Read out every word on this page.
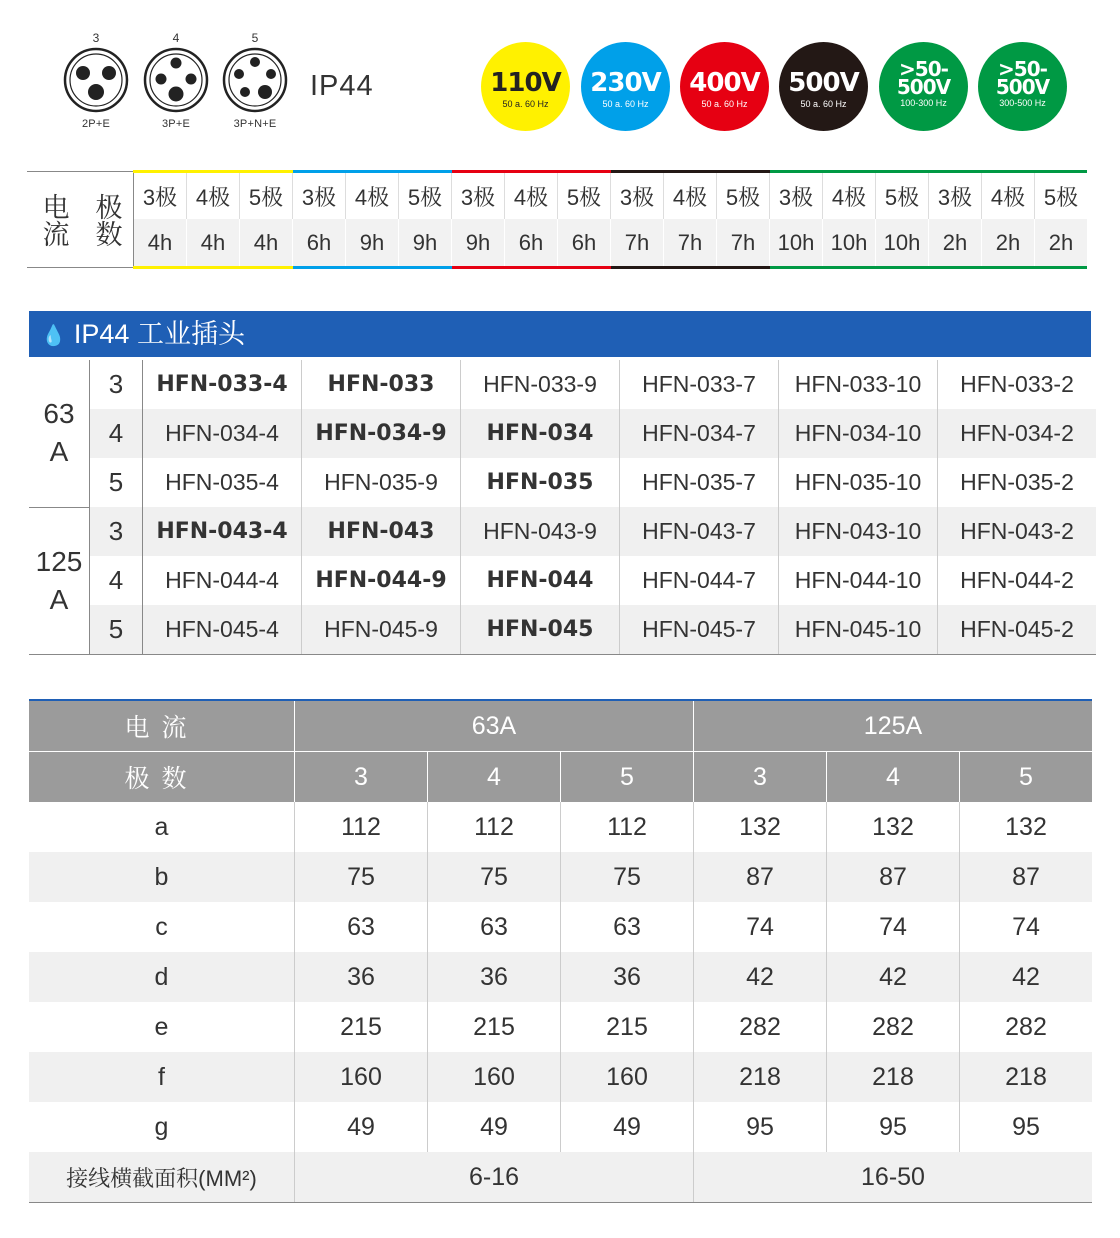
3
2P+E
4
3P+E
5
3P+N+E
IP44	110V
50 a. 60 Hz
230V
50 a. 60 Hz
400V
50 a. 60 Hz
500V
50 a. 60 Hz
>50-
500V
100-300 Hz
>50-
500V
300-500 Hz
电流	极数	3极	4极	5极	3极	4极	5极	3极	4极	5极	3极	4极	5极	3极	4极	5极	3极	4极	5极
		4h	4h	4h	6h	9h	9h	9h	6h	6h	7h	7h	7h	10h	10h	10h	2h	2h	2h
💧 IP44 工业插头
63 A	3	HFN-033-4	HFN-033	HFN-033-9	HFN-033-7	HFN-033-10	HFN-033-2
	4	HFN-034-4	HFN-034-9	HFN-034	HFN-034-7	HFN-034-10	HFN-034-2
	5	HFN-035-4	HFN-035-9	HFN-035	HFN-035-7	HFN-035-10	HFN-035-2
125 A	3	HFN-043-4	HFN-043	HFN-043-9	HFN-043-7	HFN-043-10	HFN-043-2
	4	HFN-044-4	HFN-044-9	HFN-044	HFN-044-7	HFN-044-10	HFN-044-2
	5	HFN-045-4	HFN-045-9	HFN-045	HFN-045-7	HFN-045-10	HFN-045-2
电流	63A			125A		
极数	3	4	5	3	4	5
a	112	112	112	132	132	132
b	75	75	75	87	87	87
c	63	63	63	74	74	74
d	36	36	36	42	42	42
e	215	215	215	282	282	282
f	160	160	160	218	218	218
g	49	49	49	95	95	95
接线横截面积(MM²)	6-16			16-50		
